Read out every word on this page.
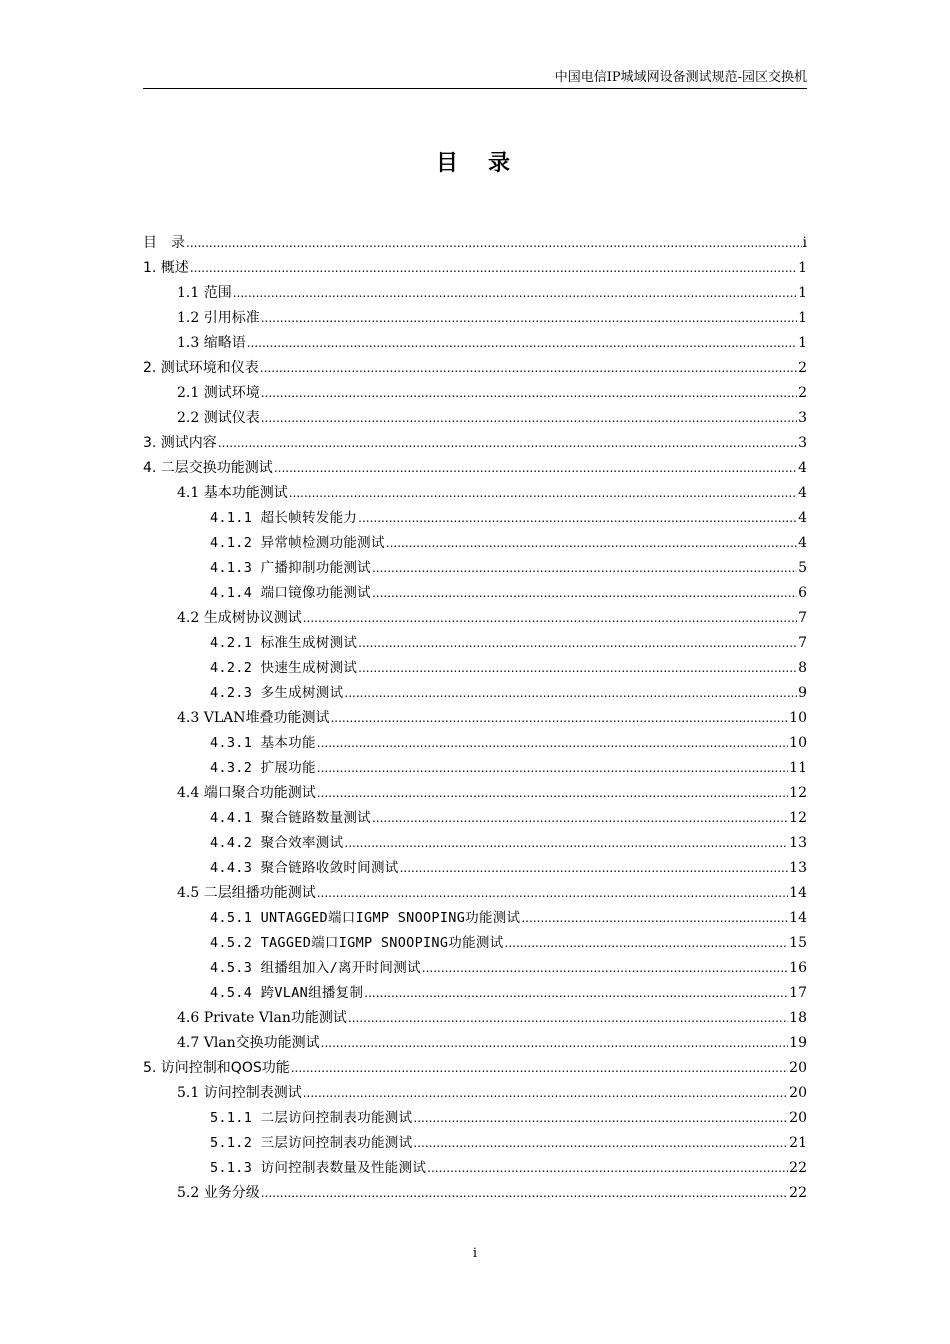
中国电信IP城域网设备测试规范-园区交换机
目　录
目　录 .....	i
1. 概述 .....	1
1.1 范围 .....	1
1.2 引用标准 .....	1
1.3 缩略语 .....	1
2. 测试环境和仪表 .....	2
2.1 测试环境 .....	2
2.2 测试仪表 .....	3
3. 测试内容 .....	3
4. 二层交换功能测试 .....	4
4.1 基本功能测试 .....	4
4.1.1 超长帧转发能力 .....	4
4.1.2 异常帧检测功能测试 .....	4
4.1.3 广播抑制功能测试 .....	5
4.1.4 端口镜像功能测试 .....	6
4.2 生成树协议测试 .....	7
4.2.1 标准生成树测试 .....	7
4.2.2 快速生成树测试 .....	8
4.2.3 多生成树测试 .....	9
4.3 VLAN堆叠功能测试 .....	10
4.3.1 基本功能 .....	10
4.3.2 扩展功能 .....	11
4.4 端口聚合功能测试 .....	12
4.4.1 聚合链路数量测试 .....	12
4.4.2 聚合效率测试 .....	13
4.4.3 聚合链路收敛时间测试 .....	13
4.5 二层组播功能测试 .....	14
4.5.1 UNTAGGED端口IGMP SNOOPING功能测试 .....	14
4.5.2 TAGGED端口IGMP SNOOPING功能测试 .....	15
4.5.3 组播组加入/离开时间测试 .....	16
4.5.4 跨VLAN组播复制 .....	17
4.6 Private Vlan功能测试 .....	18
4.7 Vlan交换功能测试 .....	19
5. 访问控制和QOS功能 .....	20
5.1 访问控制表测试 .....	20
5.1.1 二层访问控制表功能测试 .....	20
5.1.2 三层访问控制表功能测试 .....	21
5.1.3 访问控制表数量及性能测试 .....	22
5.2 业务分级 .....	22
i
